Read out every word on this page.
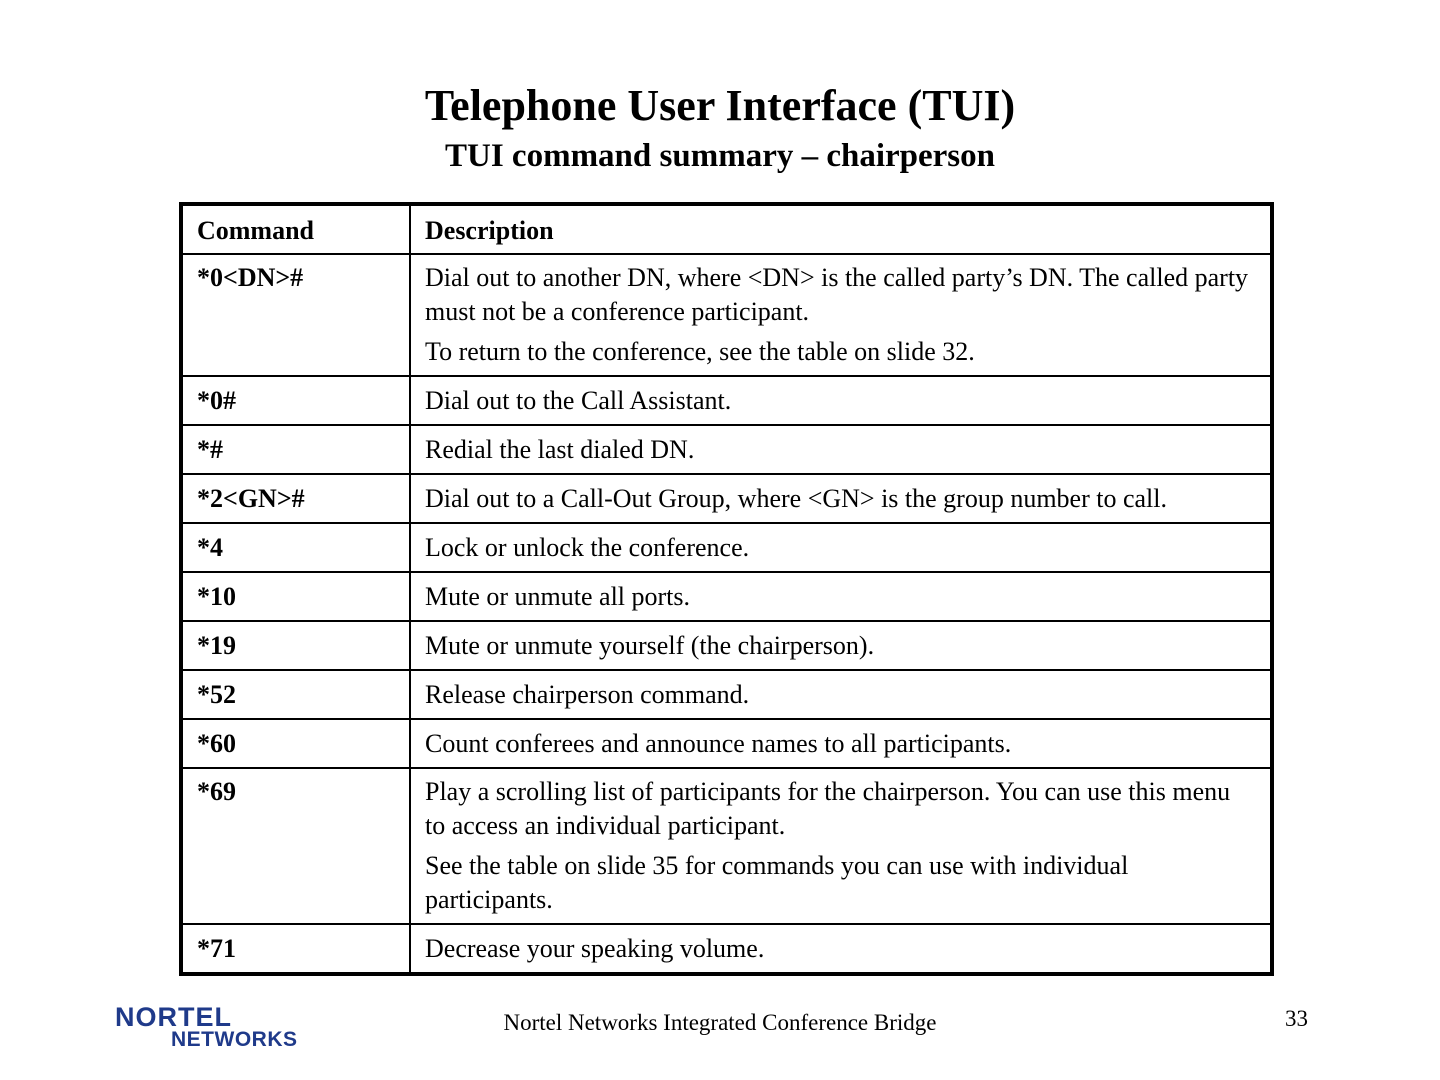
Telephone User Interface (TUI)
TUI command summary – chairperson
Command	Description
*0<DN>#	Dial out to another DN, where <DN> is the called party’s DN. The called party must not be a conference participant.

To return to the conference, see the table on slide 32.

*0#	Dial out to the Call Assistant.

*#	Redial the last dialed DN.

*2<GN>#	Dial out to a Call-Out Group, where <GN> is the group number to call.

*4	Lock or unlock the conference.

*10	Mute or unmute all ports.

*19	Mute or unmute yourself (the chairperson).

*52	Release chairperson command.

*60	Count conferees and announce names to all participants.

*69	Play a scrolling list of participants for the chairperson. You can use this menu to access an individual participant.

See the table on slide 35 for commands you can use with individual participants.

*71	Decrease your speaking volume.

NORTEL
NETWORKS
Nortel Networks Integrated Conference Bridge	33
